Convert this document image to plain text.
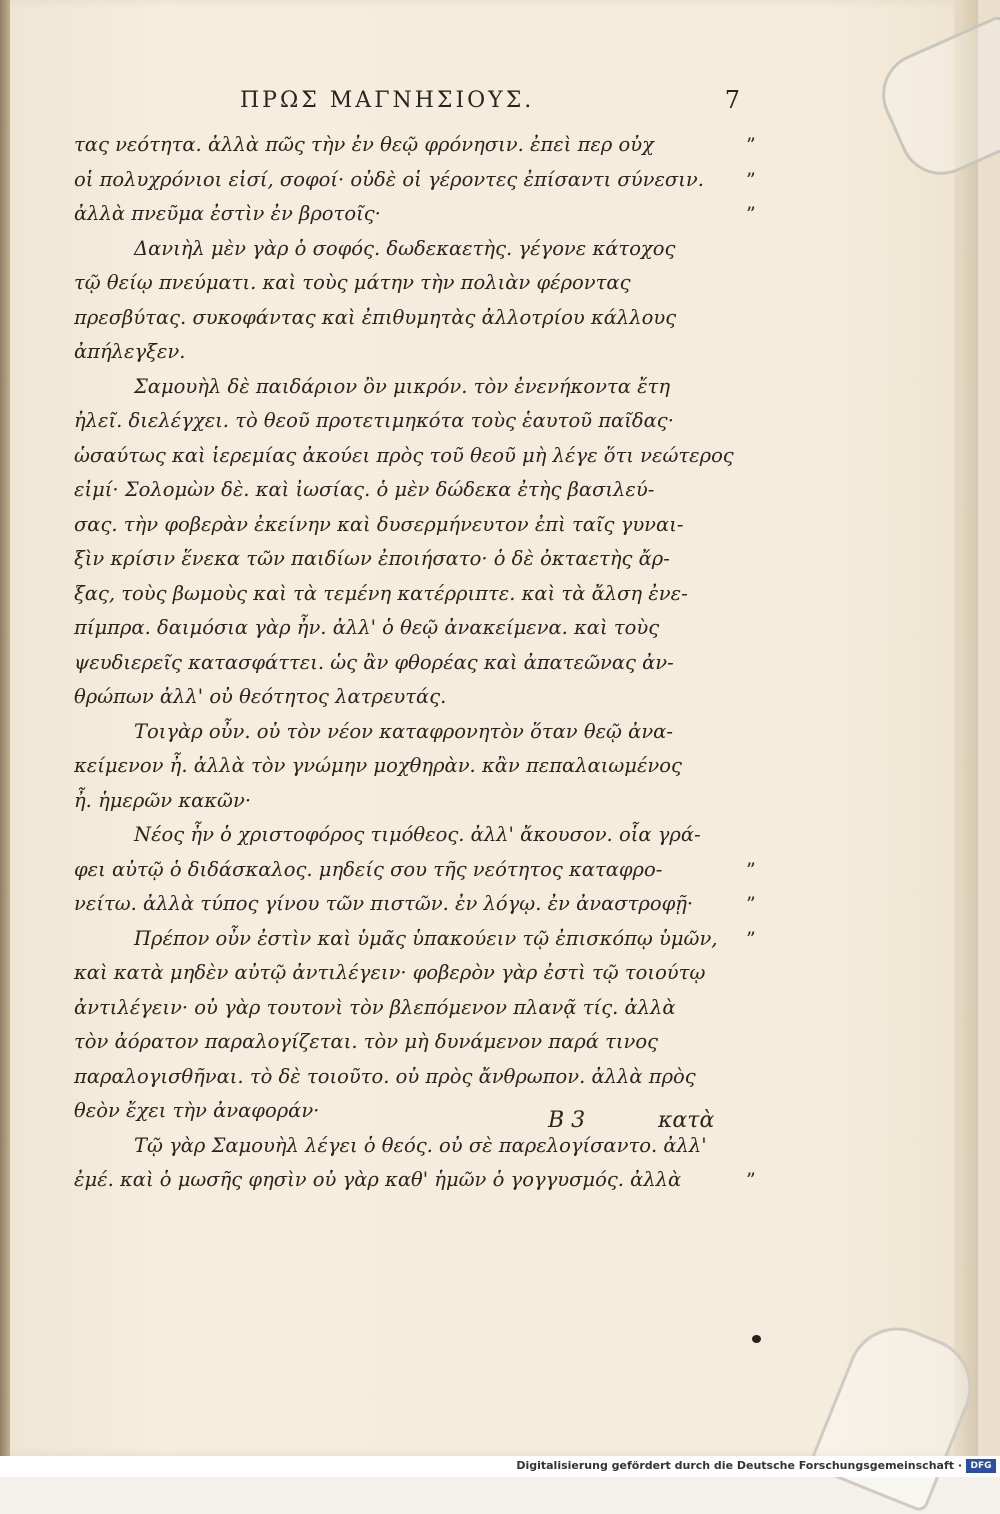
ΠΡΩΣ ΜΑΓΝΗΣΙΟΥΣ.	7
τας νεότητα. ἀλλὰ πῶς τὴν ἐν θεῷ φρόνησιν. ἐπεὶ περ οὐχ	”
οἱ πολυχρόνιοι εἰσί, σοφοί· οὐδὲ οἱ γέροντες ἐπίσαντι σύνεσιν. ”
ἀλλὰ πνεῦμα ἐστὶν ἐν βροτοῖς·	”
Δανιὴλ μὲν γὰρ ὁ σοφός. δωδεκαετὴς. γέγονε κάτοχος
τῷ θείῳ πνεύματι. καὶ τοὺς μάτην τὴν πολιὰν φέροντας
πρεσβύτας. συκοφάντας καὶ ἐπιθυμητὰς ἀλλοτρίου κάλλους
ἀπήλεγξεν.
Σαμουὴλ δὲ παιδάριον ὂν μικρόν. τὸν ἐνενήκοντα ἔτη
ἠλεῖ. διελέγχει. τὸ θεοῦ προτετιμηκότα τοὺς ἑαυτοῦ παῖδας·
ὡσαύτως καὶ ἱερεμίας ἀκούει πρὸς τοῦ θεοῦ μὴ λέγε ὅτι νεώτερος
εἰμί· Σολομὼν δὲ. καὶ ἰωσίας. ὁ μὲν δώδεκα ἐτὴς βασιλεύ-
σας. τὴν φοβερὰν ἐκείνην καὶ δυσερμήνευτον ἐπὶ ταῖς γυναι-
ξὶν κρίσιν ἕνεκα τῶν παιδίων ἐποιήσατο· ὁ δὲ ὀκταετὴς ἄρ-
ξας, τοὺς βωμοὺς καὶ τὰ τεμένη κατέρριπτε. καὶ τὰ ἄλση ἐνε-
πίμπρα. δαιμόσια γὰρ ἦν. ἀλλ' ὁ θεῷ ἀνακείμενα. καὶ τοὺς
ψευδιερεῖς κατασφάττει. ὡς ἂν φθορέας καὶ ἀπατεῶνας ἀν-
θρώπων ἀλλ' οὐ θεότητος λατρευτάς.
Τοιγὰρ οὖν. οὐ τὸν νέον καταφρονητὸν ὅταν θεῷ ἀνα-
κείμενον ἦ. ἀλλὰ τὸν γνώμην μοχθηρὰν. κἂν πεπαλαιωμένος
ἦ. ἡμερῶν κακῶν·
Νέος ἦν ὁ χριστοφόρος τιμόθεος. ἀλλ' ἄκουσον. οἷα γρά-
φει αὐτῷ ὁ διδάσκαλος. μηδείς σου τῆς νεότητος καταφρο-	”
νείτω. ἀλλὰ τύπος γίνου τῶν πιστῶν. ἐν λόγῳ. ἐν ἀναστροφῇ·	”
Πρέπον οὖν ἐστὶν καὶ ὑμᾶς ὑπακούειν τῷ ἐπισκόπῳ ὑμῶν, ”
καὶ κατὰ μηδὲν αὐτῷ ἀντιλέγειν· φοβερὸν γὰρ ἐστὶ τῷ τοιούτῳ
ἀντιλέγειν· οὐ γὰρ τουτονὶ τὸν βλεπόμενον πλανᾷ τίς. ἀλλὰ
τὸν ἀόρατον παραλογίζεται. τὸν μὴ δυνάμενον παρά τινος
παραλογισθῆναι. τὸ δὲ τοιοῦτο. οὐ πρὸς ἄνθρωπον. ἀλλὰ πρὸς
θεὸν ἔχει τὴν ἀναφοράν·
Τῷ γὰρ Σαμουὴλ λέγει ὁ θεός. οὐ σὲ παρελογίσαντο. ἀλλ'
ἐμέ. καὶ ὁ μωσῆς φησὶν οὐ γὰρ καθ' ἡμῶν ὁ γογγυσμός. ἀλλὰ	”
Β 3	κατὰ
Digitalisierung gefördert durch die Deutsche Forschungsgemeinschaft · DFG
